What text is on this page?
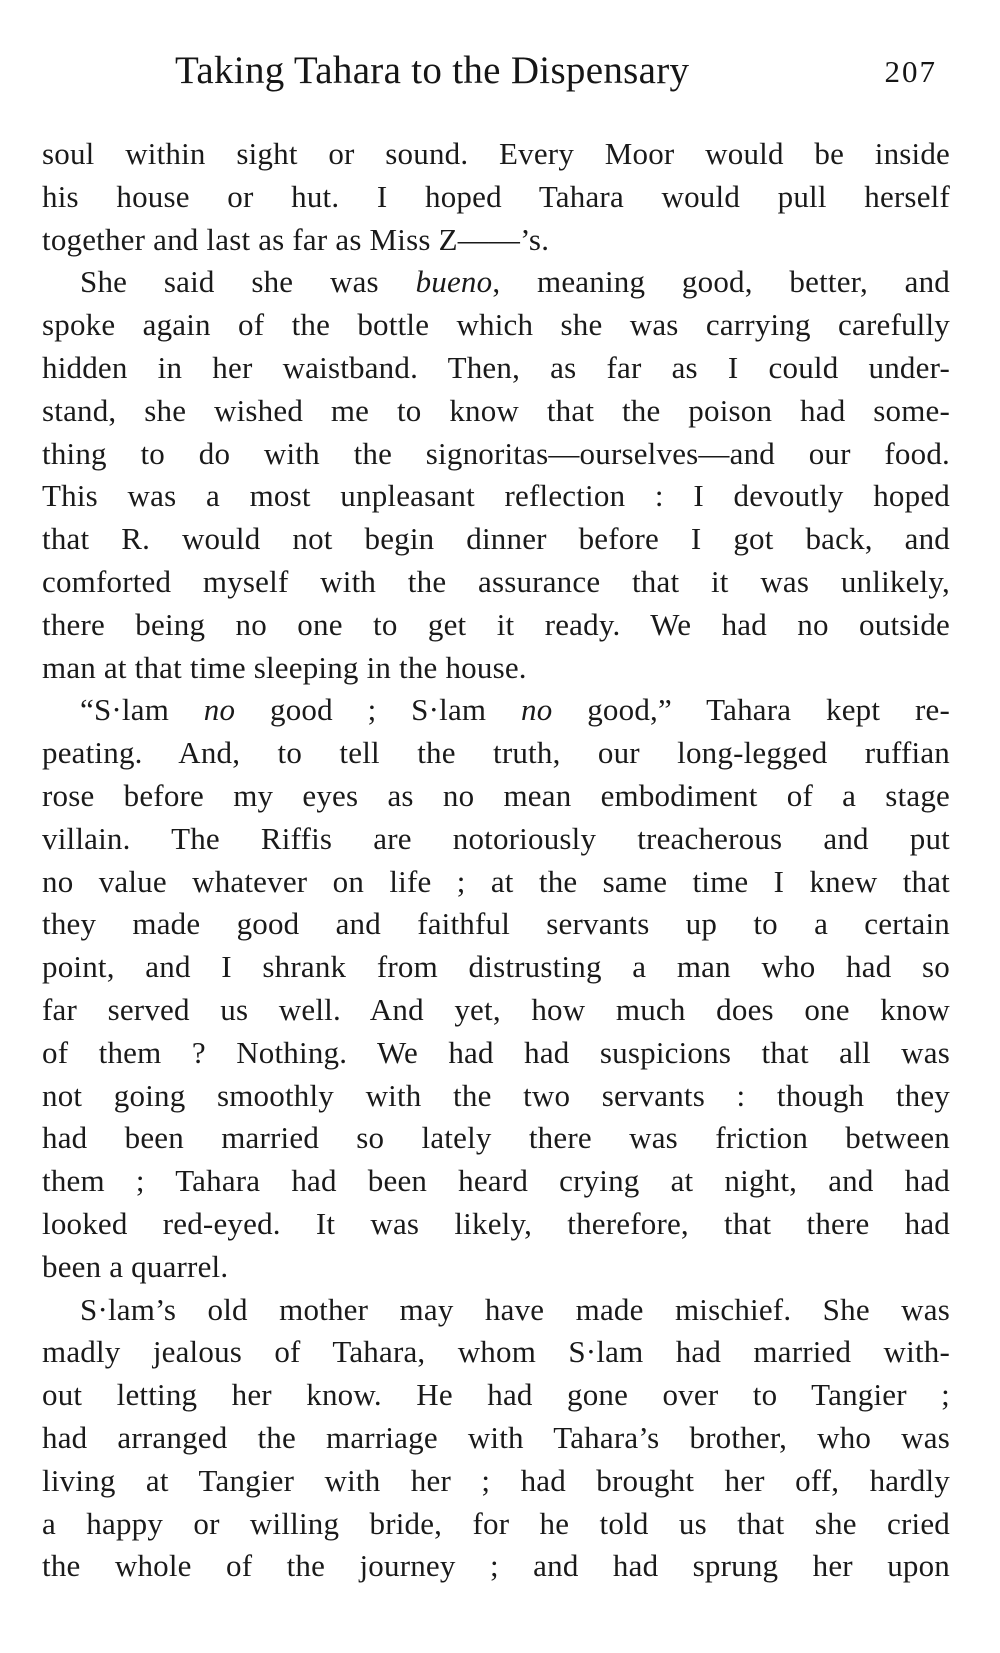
Taking Tahara to the Dispensary	207
soul within sight or sound. Every Moor would be inside
his house or hut. I hoped Tahara would pull herself
together and last as far as Miss Z——’s.
She said she was bueno, meaning good, better, and
spoke again of the bottle which she was carrying carefully
hidden in her waistband. Then, as far as I could under-
stand, she wished me to know that the poison had some-
thing to do with the signoritas—ourselves—and our food.
This was a most unpleasant reflection : I devoutly hoped
that R. would not begin dinner before I got back, and
comforted myself with the assurance that it was unlikely,
there being no one to get it ready. We had no outside
man at that time sleeping in the house.
“S·lam no good ; S·lam no good,” Tahara kept re-
peating. And, to tell the truth, our long-legged ruffian
rose before my eyes as no mean embodiment of a stage
villain. The Riffis are notoriously treacherous and put
no value whatever on life ; at the same time I knew that
they made good and faithful servants up to a certain
point, and I shrank from distrusting a man who had so
far served us well. And yet, how much does one know
of them ? Nothing. We had had suspicions that all was
not going smoothly with the two servants : though they
had been married so lately there was friction between
them ; Tahara had been heard crying at night, and had
looked red-eyed. It was likely, therefore, that there had
been a quarrel.
S·lam’s old mother may have made mischief. She was
madly jealous of Tahara, whom S·lam had married with-
out letting her know. He had gone over to Tangier ;
had arranged the marriage with Tahara’s brother, who was
living at Tangier with her ; had brought her off, hardly
a happy or willing bride, for he told us that she cried
the whole of the journey ; and had sprung her upon
